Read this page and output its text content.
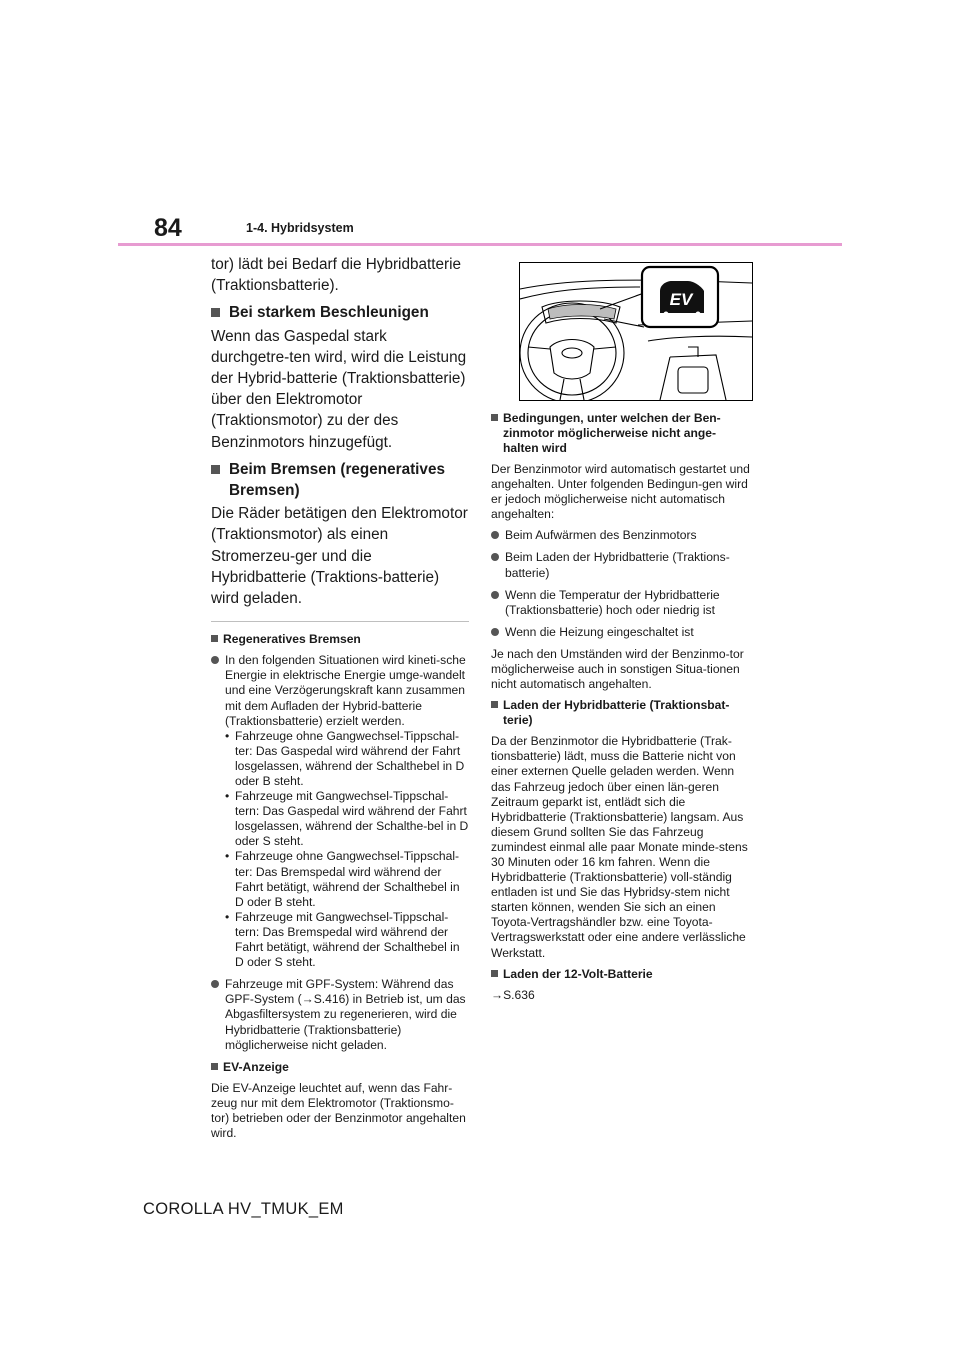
84	1-4. Hybridsystem

tor) lädt bei Bedarf die Hybridbatterie (Traktionsbatterie).

Bei starkem Beschleunigen

Wenn das Gaspedal stark durchgetre-ten wird, wird die Leistung der Hybrid-batterie (Traktionsbatterie) über den Elektromotor (Traktionsmotor) zu der des Benzinmotors hinzugefügt.

Beim Bremsen (regeneratives Bremsen)

Die Räder betätigen den Elektromotor (Traktionsmotor) als einen Stromerzeu-ger und die Hybridbatterie (Traktions-batterie) wird geladen.

Regeneratives Bremsen
In den folgenden Situationen wird kineti-sche Energie in elektrische Energie umge-wandelt und eine Verzögerungskraft kann zusammen mit dem Aufladen der Hybrid-batterie (Traktionsbatterie) erzielt werden.
• Fahrzeuge ohne Gangwechsel-Tippschal-ter: Das Gaspedal wird während der Fahrt losgelassen, während der Schalthebel in D oder B steht.
• Fahrzeuge mit Gangwechsel-Tippschal-tern: Das Gaspedal wird während der Fahrt losgelassen, während der Schalthe-bel in D oder S steht.
• Fahrzeuge ohne Gangwechsel-Tippschal-ter: Das Bremspedal wird während der Fahrt betätigt, während der Schalthebel in D oder B steht.
• Fahrzeuge mit Gangwechsel-Tippschal-tern: Das Bremspedal wird während der Fahrt betätigt, während der Schalthebel in D oder S steht.
Fahrzeuge mit GPF-System: Während das GPF-System (→S.416) in Betrieb ist, um das Abgasfiltersystem zu regenerieren, wird die Hybridbatterie (Traktionsbatterie) möglicherweise nicht geladen.
EV-Anzeige

Die EV-Anzeige leuchtet auf, wenn das Fahr-zeug nur mit dem Elektromotor (Traktionsmo-tor) betrieben oder der Benzinmotor angehalten wird.

EV
Bedingungen, unter welchen der Ben-zinmotor möglicherweise nicht ange-halten wird

Der Benzinmotor wird automatisch gestartet und angehalten. Unter folgenden Bedingun-gen wird er jedoch möglicherweise nicht automatisch angehalten:

Beim Aufwärmen des Benzinmotors
Beim Laden der Hybridbatterie (Traktions-batterie)
Wenn die Temperatur der Hybridbatterie (Traktionsbatterie) hoch oder niedrig ist
Wenn die Heizung eingeschaltet ist

Je nach den Umständen wird der Benzinmo-tor möglicherweise auch in sonstigen Situa-tionen nicht automatisch angehalten.

Laden der Hybridbatterie (Traktionsbat-terie)

Da der Benzinmotor die Hybridbatterie (Trak-tionsbatterie) lädt, muss die Batterie nicht von einer externen Quelle geladen werden. Wenn das Fahrzeug jedoch über einen län-geren Zeitraum geparkt ist, entlädt sich die Hybridbatterie (Traktionsbatterie) langsam. Aus diesem Grund sollten Sie das Fahrzeug zumindest einmal alle paar Monate minde-stens 30 Minuten oder 16 km fahren. Wenn die Hybridbatterie (Traktionsbatterie) voll-ständig entladen ist und Sie das Hybridsy-stem nicht starten können, wenden Sie sich an einen Toyota-Vertragshändler bzw. eine Toyota-Vertragswerkstatt oder eine andere verlässliche Werkstatt.

Laden der 12-Volt-Batterie

→S.636

COROLLA HV_TMUK_EM
